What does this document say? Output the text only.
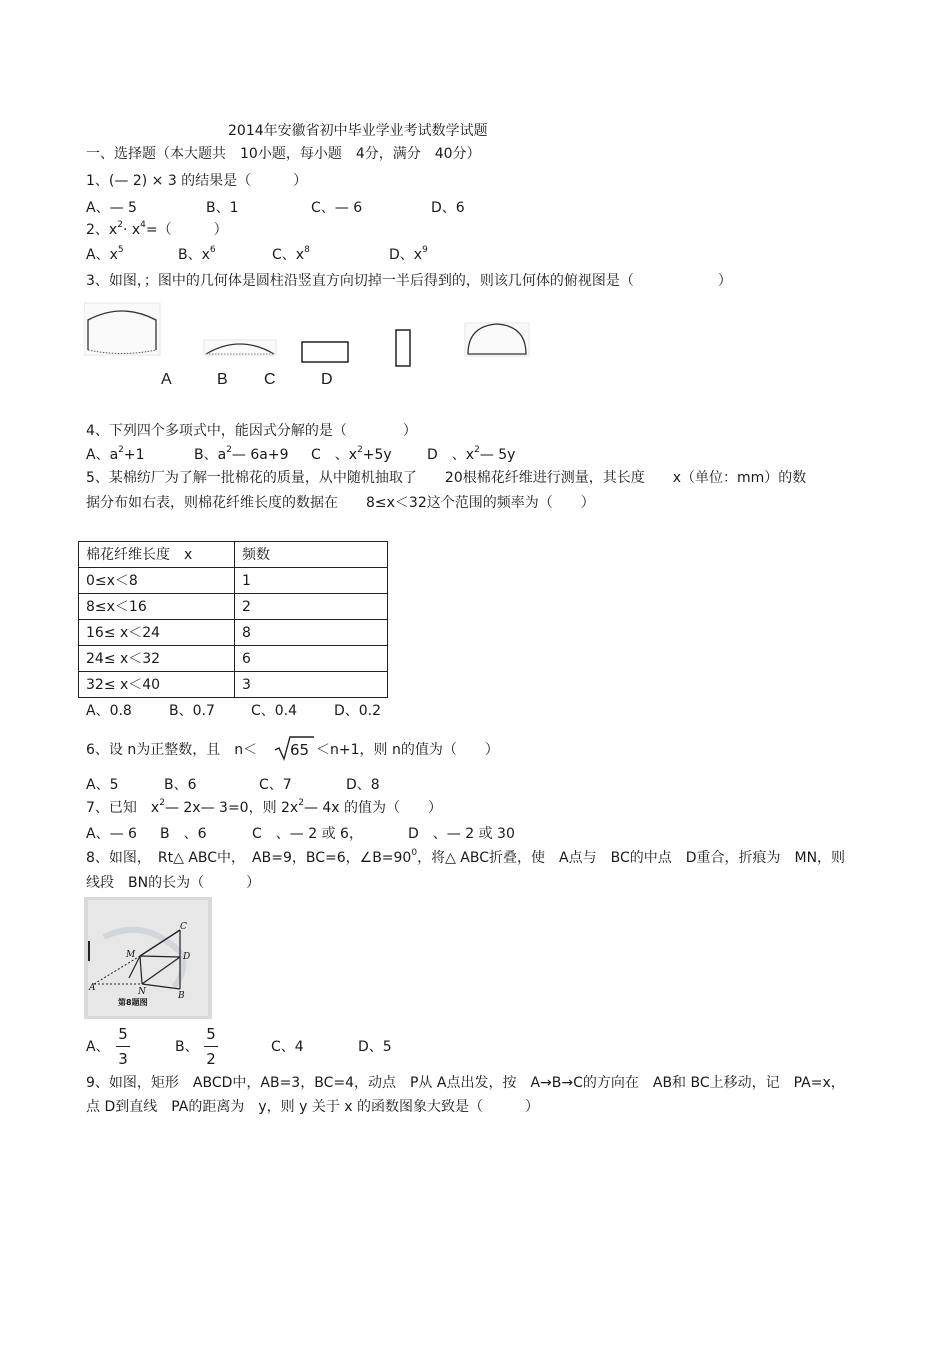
2014年安徽省初中毕业学业考试数学试题
一、选择题（本大题共　10小题，每小题　4分，满分　40分）
1、(— 2) × 3 的结果是（　　　）
A、— 5	B、1	C、— 6	D、6
2、$x^2\cdot x^4=$（　　　）
A、$x^5$	B、$x^6$	C、$x^8$	D、$x^9$
3、如图，；图中的几何体是圆柱沿竖直方向切掉一半后得到的，则该几何体的俯视图是（　　　　　　）
A	B C	D
4、下列四个多项式中，能因式分解的是（　　　　）
A、$a^2+1$	B、$a^2—$ 6a+9 C　、$x^2+5y$	D　、$x^2—$ 5y
5、某棉纺厂为了解一批棉花的质量，从中随机抽取了　　20根棉花纤维进行测量，其长度　　x（单位：mm）的数
据分布如右表，则棉花纤维长度的数据在　　8≤x＜32这个范围的频率为（　　）
棉花纤维长度　x	频数
0≤x＜8	1
8≤x＜16	2
16≤ x＜24	8
24≤ x＜32	6
32≤ x＜40	3
A、0.8	B、0.7	C、0.4	D、0.2
6、设 n为正整数，且　n＜ 65 ＜n+1，则 n的值为（　　）
A、5	B、6	C、7	D、8
7、已知　$x^2—$ 2x— 3=0，则 $2x^2—$ 4x 的值为（　　）
A、— 6 B　、6	C　、— 2 或 6，	D　、— 2 或 30
8、如图，　Rt△ ABC中，　AB=9，BC=6，$\angle B=90^0$，将△ ABC折叠，使　A点与　BC的中点　D重合，折痕为　MN，则
线段　BN的长为（　　　）
C
M	D
A	N	B
第8题图
A、
5
3
B、
5
2
C、4	D、5
9、如图，矩形　ABCD中，AB=3，BC=4，动点　P从 A点出发，按　A→B→C的方向在　AB和 BC上移动，记　PA=x，
点 D到直线　PA的距离为　y，则 y 关于 x 的函数图象大致是（　　　）
